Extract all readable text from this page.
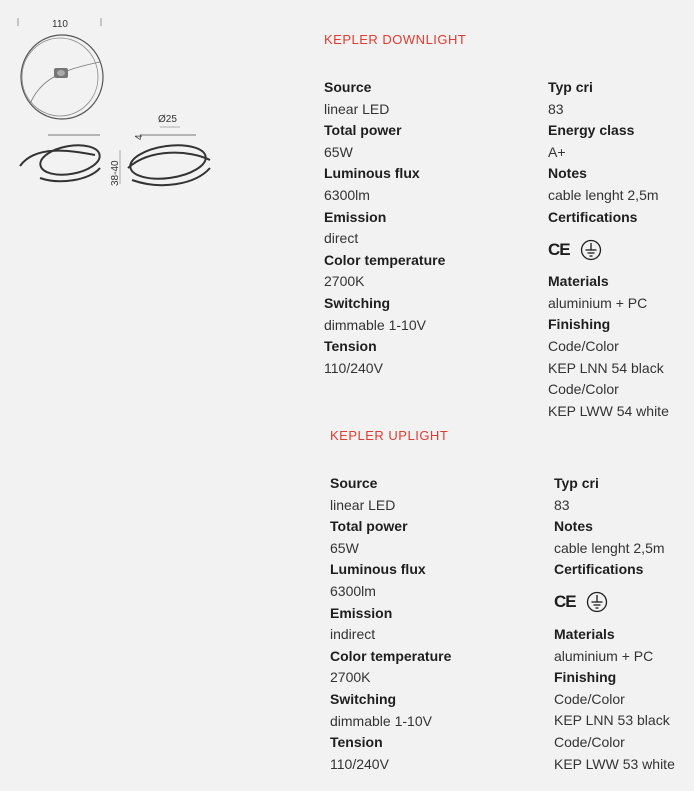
110
Ø25
4
38-40
KEPLER DOWNLIGHT
Source
linear LED
Total power
65W
Luminous flux
6300lm
Emission
direct
Color temperature
2700K
Switching
dimmable 1-10V
Tension
110/240V
Typ cri
83
Energy class
A+
Notes
cable lenght 2,5m
Certifications
CE
Materials
aluminium + PC
Finishing
Code/Color
KEP LNN 54 black
Code/Color
KEP LWW 54 white
KEPLER UPLIGHT
Source
linear LED
Total power
65W
Luminous flux
6300lm
Emission
indirect
Color temperature
2700K
Switching
dimmable 1-10V
Tension
110/240V
Typ cri
83
Notes
cable lenght 2,5m
Certifications
CE
Materials
aluminium + PC
Finishing
Code/Color
KEP LNN 53 black
Code/Color
KEP LWW 53 white
